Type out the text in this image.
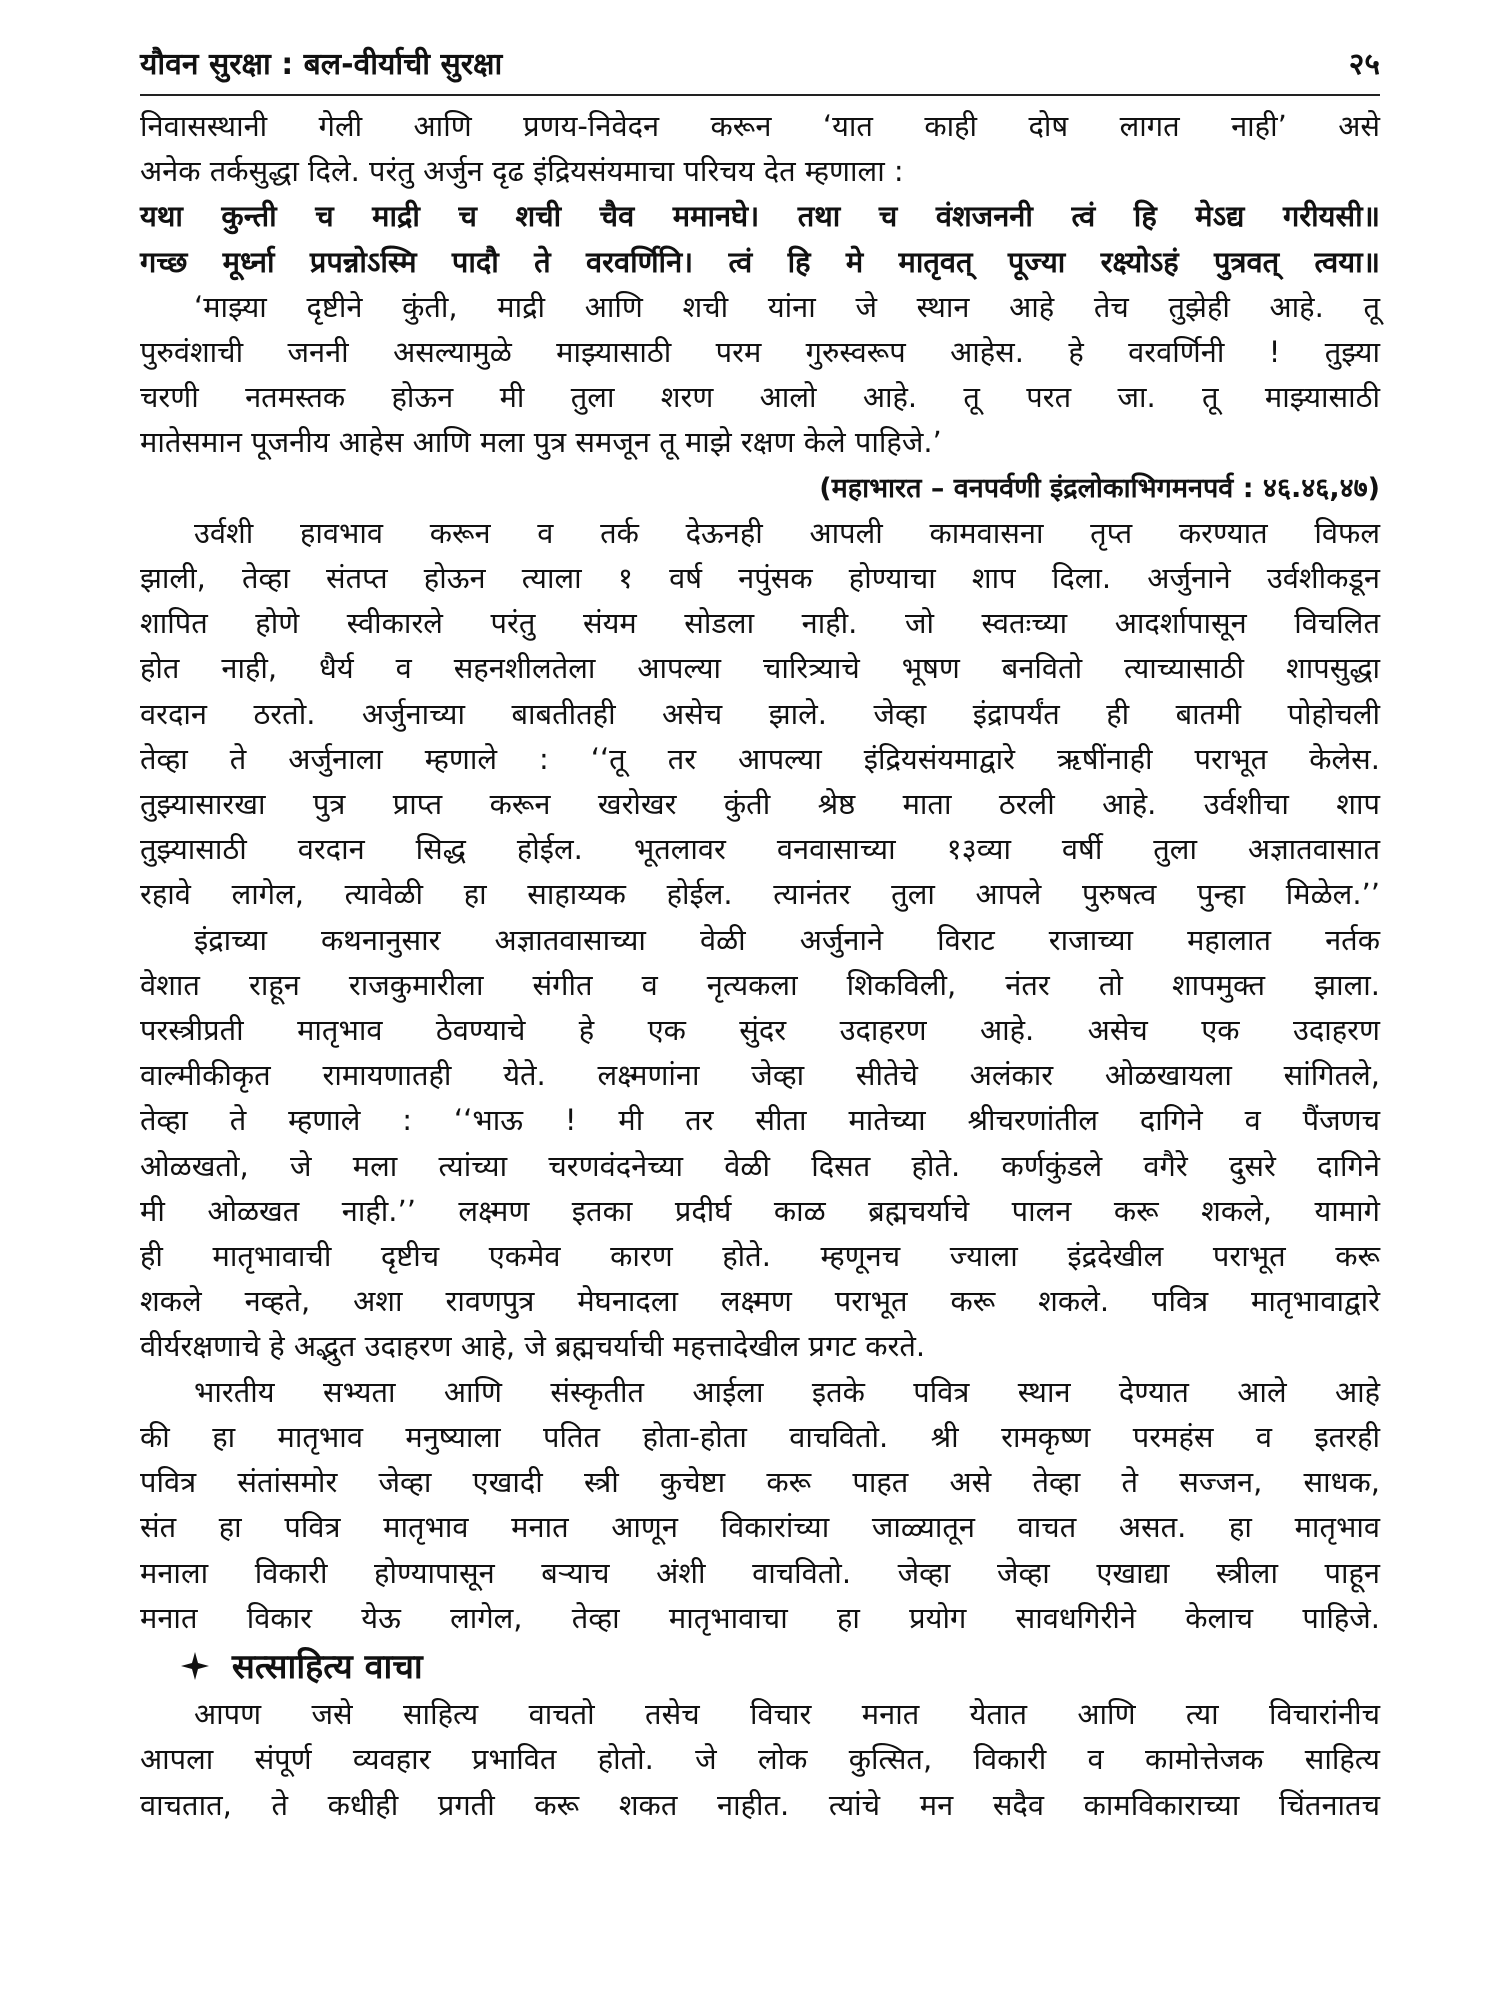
यौवन सुरक्षा : बल-वीर्याची सुरक्षा	२५
निवासस्थानी गेली आणि प्रणय-निवेदन करून ‘यात काही दोष लागत नाही’ असे
अनेक तर्कसुद्धा दिले. परंतु अर्जुन दृढ इंद्रियसंयमाचा परिचय देत म्हणाला :
यथा कुन्ती च माद्री च शची चैव ममानघे। तथा च वंशजननी त्वं हि मेऽद्य गरीयसी॥
गच्छ मूर्ध्ना प्रपन्नोऽस्मि पादौ ते वरवर्णिनि। त्वं हि मे मातृवत् पूज्या रक्ष्योऽहं पुत्रवत् त्वया॥
‘माझ्या दृष्टीने कुंती, माद्री आणि शची यांना जे स्थान आहे तेच तुझेही आहे. तू
पुरुवंशाची जननी असल्यामुळे माझ्यासाठी परम गुरुस्वरूप आहेस. हे वरवर्णिनी ! तुझ्या
चरणी नतमस्तक होऊन मी तुला शरण आलो आहे. तू परत जा. तू माझ्यासाठी
मातेसमान पूजनीय आहेस आणि मला पुत्र समजून तू माझे रक्षण केले पाहिजे.’
(महाभारत – वनपर्वणी इंद्रलोकाभिगमनपर्व : ४६.४६,४७)
उर्वशी हावभाव करून व तर्क देऊनही आपली कामवासना तृप्त करण्यात विफल
झाली, तेव्हा संतप्त होऊन त्याला १ वर्ष नपुंसक होण्याचा शाप दिला. अर्जुनाने उर्वशीकडून
शापित होणे स्वीकारले परंतु संयम सोडला नाही. जो स्वतःच्या आदर्शापासून विचलित
होत नाही, धैर्य व सहनशीलतेला आपल्या चारित्र्याचे भूषण बनवितो त्याच्यासाठी शापसुद्धा
वरदान ठरतो. अर्जुनाच्या बाबतीतही असेच झाले. जेव्हा इंद्रापर्यंत ही बातमी पोहोचली
तेव्हा ते अर्जुनाला म्हणाले : ‘‘तू तर आपल्या इंद्रियसंयमाद्वारे ऋषींनाही पराभूत केलेस.
तुझ्यासारखा पुत्र प्राप्त करून खरोखर कुंती श्रेष्ठ माता ठरली आहे. उर्वशीचा शाप
तुझ्यासाठी वरदान सिद्ध होईल. भूतलावर वनवासाच्या १३व्या वर्षी तुला अज्ञातवासात
रहावे लागेल, त्यावेळी हा साहाय्यक होईल. त्यानंतर तुला आपले पुरुषत्व पुन्हा मिळेल.’’
इंद्राच्या कथनानुसार अज्ञातवासाच्या वेळी अर्जुनाने विराट राजाच्या महालात नर्तक
वेशात राहून राजकुमारीला संगीत व नृत्यकला शिकविली, नंतर तो शापमुक्त झाला.
परस्त्रीप्रती मातृभाव ठेवण्याचे हे एक सुंदर उदाहरण आहे. असेच एक उदाहरण
वाल्मीकीकृत रामायणातही येते. लक्ष्मणांना जेव्हा सीतेचे अलंकार ओळखायला सांगितले,
तेव्हा ते म्हणाले : ‘‘भाऊ ! मी तर सीता मातेच्या श्रीचरणांतील दागिने व पैंजणच
ओळखतो, जे मला त्यांच्या चरणवंदनेच्या वेळी दिसत होते. कर्णकुंडले वगैरे दुसरे दागिने
मी ओळखत नाही.’’ लक्ष्मण इतका प्रदीर्घ काळ ब्रह्मचर्याचे पालन करू शकले, यामागे
ही मातृभावाची दृष्टीच एकमेव कारण होते. म्हणूनच ज्याला इंद्रदेखील पराभूत करू
शकले नव्हते, अशा रावणपुत्र मेघनादला लक्ष्मण पराभूत करू शकले. पवित्र मातृभावाद्वारे
वीर्यरक्षणाचे हे अद्भुत उदाहरण आहे, जे ब्रह्मचर्याची महत्तादेखील प्रगट करते.
भारतीय सभ्यता आणि संस्कृतीत आईला इतके पवित्र स्थान देण्यात आले आहे
की हा मातृभाव मनुष्याला पतित होता-होता वाचवितो. श्री रामकृष्ण परमहंस व इतरही
पवित्र संतांसमोर जेव्हा एखादी स्त्री कुचेष्टा करू पाहत असे तेव्हा ते सज्जन, साधक,
संत हा पवित्र मातृभाव मनात आणून विकारांच्या जाळ्यातून वाचत असत. हा मातृभाव
मनाला विकारी होण्यापासून बऱ्याच अंशी वाचवितो. जेव्हा जेव्हा एखाद्या स्त्रीला पाहून
मनात विकार येऊ लागेल, तेव्हा मातृभावाचा हा प्रयोग सावधगिरीने केलाच पाहिजे.
सत्साहित्य वाचा
आपण जसे साहित्य वाचतो तसेच विचार मनात येतात आणि त्या विचारांनीच
आपला संपूर्ण व्यवहार प्रभावित होतो. जे लोक कुत्सित, विकारी व कामोत्तेजक साहित्य
वाचतात, ते कधीही प्रगती करू शकत नाहीत. त्यांचे मन सदैव कामविकाराच्या चिंतनातच
